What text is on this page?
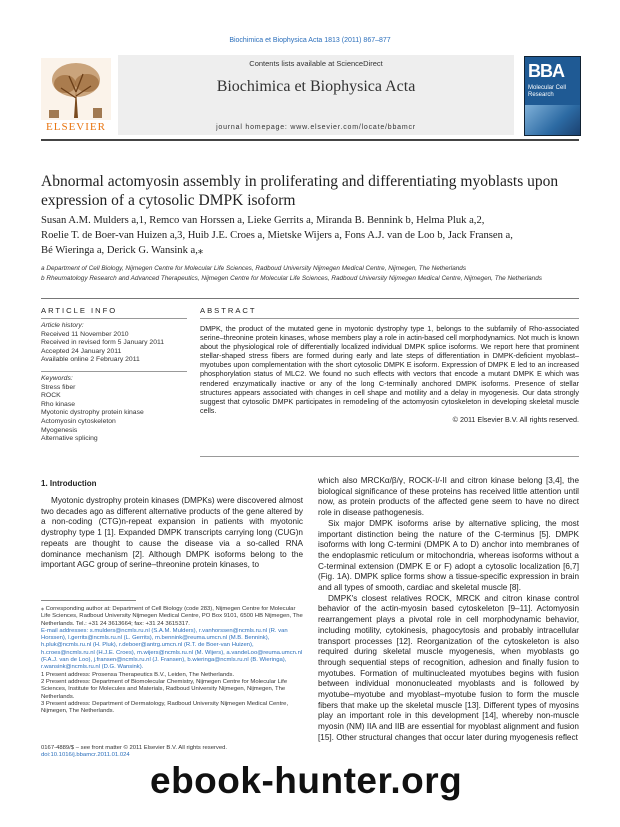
Biochimica et Biophysica Acta 1813 (2011) 867–877
ELSEVIER
Contents lists available at ScienceDirect
Biochimica et Biophysica Acta
journal homepage: www.elsevier.com/locate/bbamcr
BBA
Molecular Cell Research
Abnormal actomyosin assembly in proliferating and differentiating myoblasts upon expression of a cytosolic DMPK isoform
Susan A.M. Mulders a,1, Remco van Horssen a, Lieke Gerrits a, Miranda B. Bennink b, Helma Pluk a,2,
Roelie T. de Boer-van Huizen a,3, Huib J.E. Croes a, Mietske Wijers a, Fons A.J. van de Loo b, Jack Fransen a,
Bé Wieringa a, Derick G. Wansink a,⁎
a Department of Cell Biology, Nijmegen Centre for Molecular Life Sciences, Radboud University Nijmegen Medical Centre, Nijmegen, The Netherlands
b Rheumatology Research and Advanced Therapeutics, Nijmegen Centre for Molecular Life Sciences, Radboud University Nijmegen Medical Centre, Nijmegen, The Netherlands
ARTICLE INFO
Article history:
Received 11 November 2010
Received in revised form 5 January 2011
Accepted 24 January 2011
Available online 2 February 2011
Keywords:
Stress fiber
ROCK
Rho kinase
Myotonic dystrophy protein kinase
Actomyosin cytoskeleton
Myogenesis
Alternative splicing
ABSTRACT
DMPK, the product of the mutated gene in myotonic dystrophy type 1, belongs to the subfamily of Rho-associated serine–threonine protein kinases, whose members play a role in actin-based cell morphodynamics. Not much is known about the physiological role of differentially localized individual DMPK splice isoforms. We report here that prominent stellar-shaped stress fibers are formed during early and late steps of differentiation in DMPK-deficient myoblast–myotubes upon complementation with the short cytosolic DMPK E isoform. Expression of DMPK E led to an increased phosphorylation status of MLC2. We found no such effects with vectors that encode a mutant DMPK E which was rendered enzymatically inactive or any of the long C-terminally anchored DMPK isoforms. Presence of stellar structures appears associated with changes in cell shape and motility and a delay in myogenesis. Our data strongly suggest that cytosolic DMPK participates in remodeling of the actomyosin cytoskeleton in developing skeletal muscle cells.
© 2011 Elsevier B.V. All rights reserved.
1. Introduction

Myotonic dystrophy protein kinases (DMPKs) were discovered almost two decades ago as different alternative products of the gene altered by a non-coding (CTG)n-repeat expansion in patients with myotonic dystrophy type 1 [1]. Expanded DMPK transcripts carrying long (CUG)n repeats are thought to cause the disease via a so-called RNA dominance mechanism [2]. Although DMPK isoforms belong to the important AGC group of serine–threonine protein kinases, to

which also MRCKα/β/γ, ROCK-I/-II and citron kinase belong [3,4], the biological significance of these proteins has received little attention until now, as protein products of the affected gene seem to have no direct role in disease pathogenesis.

Six major DMPK isoforms arise by alternative splicing, the most important distinction being the nature of the C-terminus [5]. DMPK isoforms with long C-termini (DMPK A to D) anchor into membranes of the endoplasmic reticulum or mitochondria, whereas isoforms without a C-terminal extension (DMPK E or F) adopt a cytosolic localization [6,7] (Fig. 1A). DMPK splice forms show a tissue-specific expression in brain and all types of smooth, cardiac and skeletal muscle [8].

DMPK's closest relatives ROCK, MRCK and citron kinase control behavior of the actin-myosin based cytoskeleton [9–11]. Actomyosin rearrangement plays a pivotal role in cell morphodynamic behavior, including motility, cytokinesis, phagocytosis and probably intracellular transport processes [12]. Reorganization of the cytoskeleton is also required during skeletal muscle myogenesis, when myoblasts go through sequential steps of recognition, adhesion and finally fusion to myotubes. Formation of multinucleated myotubes begins with fusion between individual mononucleated myoblasts and is followed by myotube–myotube and myoblast–myotube fusion to form the muscle fibers that make up the skeletal muscle [13]. Different types of myosins play an important role in this development [14], whereby non-muscle myosin (NM) IIA and IIB are essential for myoblast alignment and fusion [15]. Other structural changes that occur later during myogenesis reflect

⁎ Corresponding author at: Department of Cell Biology (code 283), Nijmegen Centre for Molecular Life Sciences, Radboud University Nijmegen Medical Centre, PO Box 9101, 6500 HB Nijmegen, The Netherlands. Tel.: +31 24 3613664; fax: +31 24 3615317.
E-mail addresses: s.mulders@ncmls.ru.nl (S.A.M. Mulders), r.vanhorssen@ncmls.ru.nl (R. van Horssen), l.gerrits@ncmls.ru.nl (L. Gerrits), m.bennink@reuma.umcn.nl (M.B. Bennink), h.pluk@ncmls.ru.nl (H. Pluk), r.deboer@antrg.umcn.nl (R.T. de Boer-van Huizen), h.croes@ncmls.ru.nl (H.J.E. Croes), m.wijers@ncmls.ru.nl (M. Wijers), a.vandeLoo@reuma.umcn.nl (F.A.J. van de Loo), j.fransen@ncmls.ru.nl (J. Fransen), b.wieringa@ncmls.ru.nl (B. Wieringa), r.wansink@ncmls.ru.nl (D.G. Wansink).
1 Present address: Prosensa Therapeutics B.V., Leiden, The Netherlands.
2 Present address: Department of Biomolecular Chemistry, Nijmegen Centre for Molecular Life Sciences, Institute for Molecules and Materials, Radboud University Nijmegen, Nijmegen, The Netherlands.
3 Present address: Department of Dermatology, Radboud University Nijmegen Medical Centre, Nijmegen, The Netherlands.
0167-4889/$ – see front matter © 2011 Elsevier B.V. All rights reserved.
doi:10.1016/j.bbamcr.2011.01.024
ebook-hunter.org
